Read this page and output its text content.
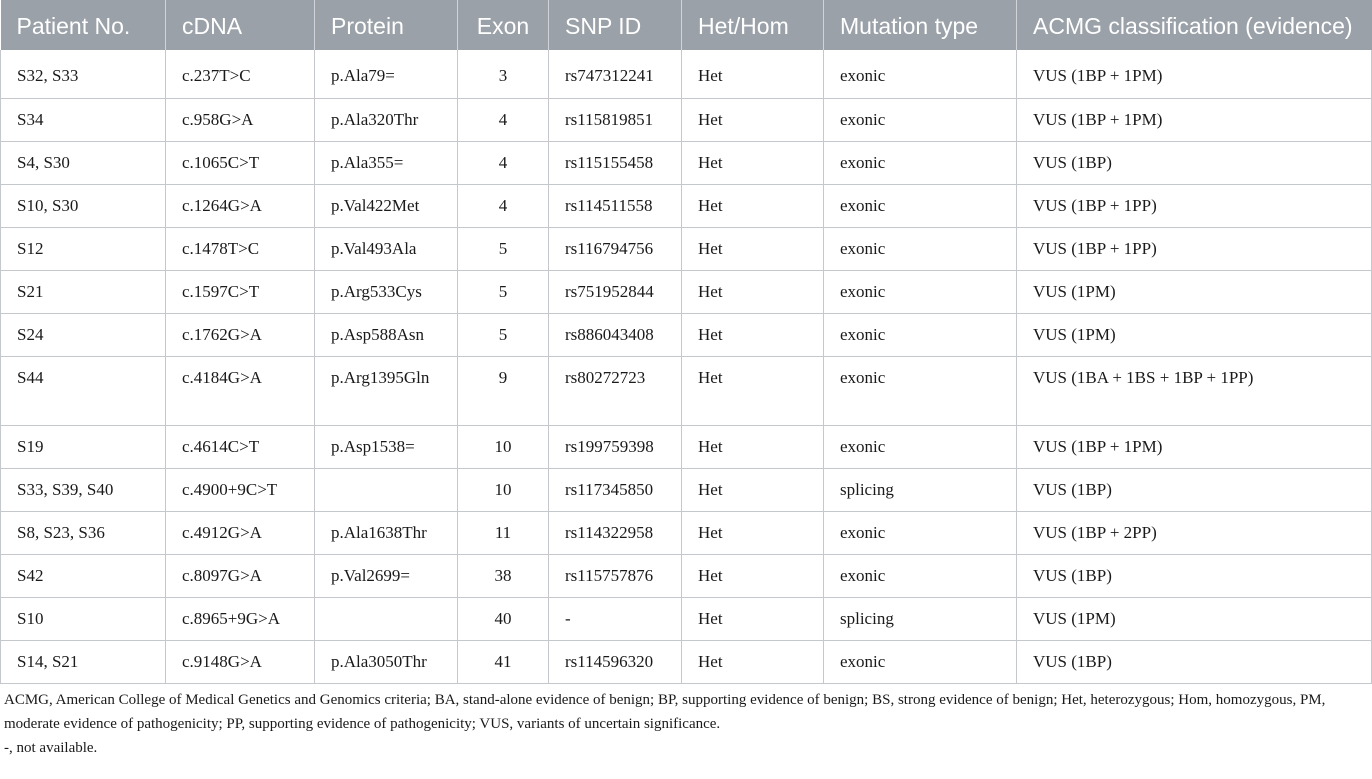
Patient No.	cDNA	Protein	Exon	SNP ID	Het/Hom	Mutation type	ACMG classification (evidence)
S32, S33	c.237T>C	p.Ala79=	3	rs747312241	Het	exonic	VUS (1BP + 1PM)
S34	c.958G>A	p.Ala320Thr	4	rs115819851	Het	exonic	VUS (1BP + 1PM)
S4, S30	c.1065C>T	p.Ala355=	4	rs115155458	Het	exonic	VUS (1BP)
S10, S30	c.1264G>A	p.Val422Met	4	rs114511558	Het	exonic	VUS (1BP + 1PP)
S12	c.1478T>C	p.Val493Ala	5	rs116794756	Het	exonic	VUS (1BP + 1PP)
S21	c.1597C>T	p.Arg533Cys	5	rs751952844	Het	exonic	VUS (1PM)
S24	c.1762G>A	p.Asp588Asn	5	rs886043408	Het	exonic	VUS (1PM)
S44	c.4184G>A	p.Arg1395Gln	9	rs80272723	Het	exonic	VUS (1BA + 1BS + 1BP + 1PP)
S19	c.4614C>T	p.Asp1538=	10	rs199759398	Het	exonic	VUS (1BP + 1PM)
S33, S39, S40	c.4900+9C>T		10	rs117345850	Het	splicing	VUS (1BP)
S8, S23, S36	c.4912G>A	p.Ala1638Thr	11	rs114322958	Het	exonic	VUS (1BP + 2PP)
S42	c.8097G>A	p.Val2699=	38	rs115757876	Het	exonic	VUS (1BP)
S10	c.8965+9G>A		40	-	Het	splicing	VUS (1PM)
S14, S21	c.9148G>A	p.Ala3050Thr	41	rs114596320	Het	exonic	VUS (1BP)

ACMG, American College of Medical Genetics and Genomics criteria; BA, stand-alone evidence of benign; BP, supporting evidence of benign; BS, strong evidence of benign; Het, heterozygous; Hom, homozygous, PM, moderate evidence of pathogenicity; PP, supporting evidence of pathogenicity; VUS, variants of uncertain significance.

-, not available.
